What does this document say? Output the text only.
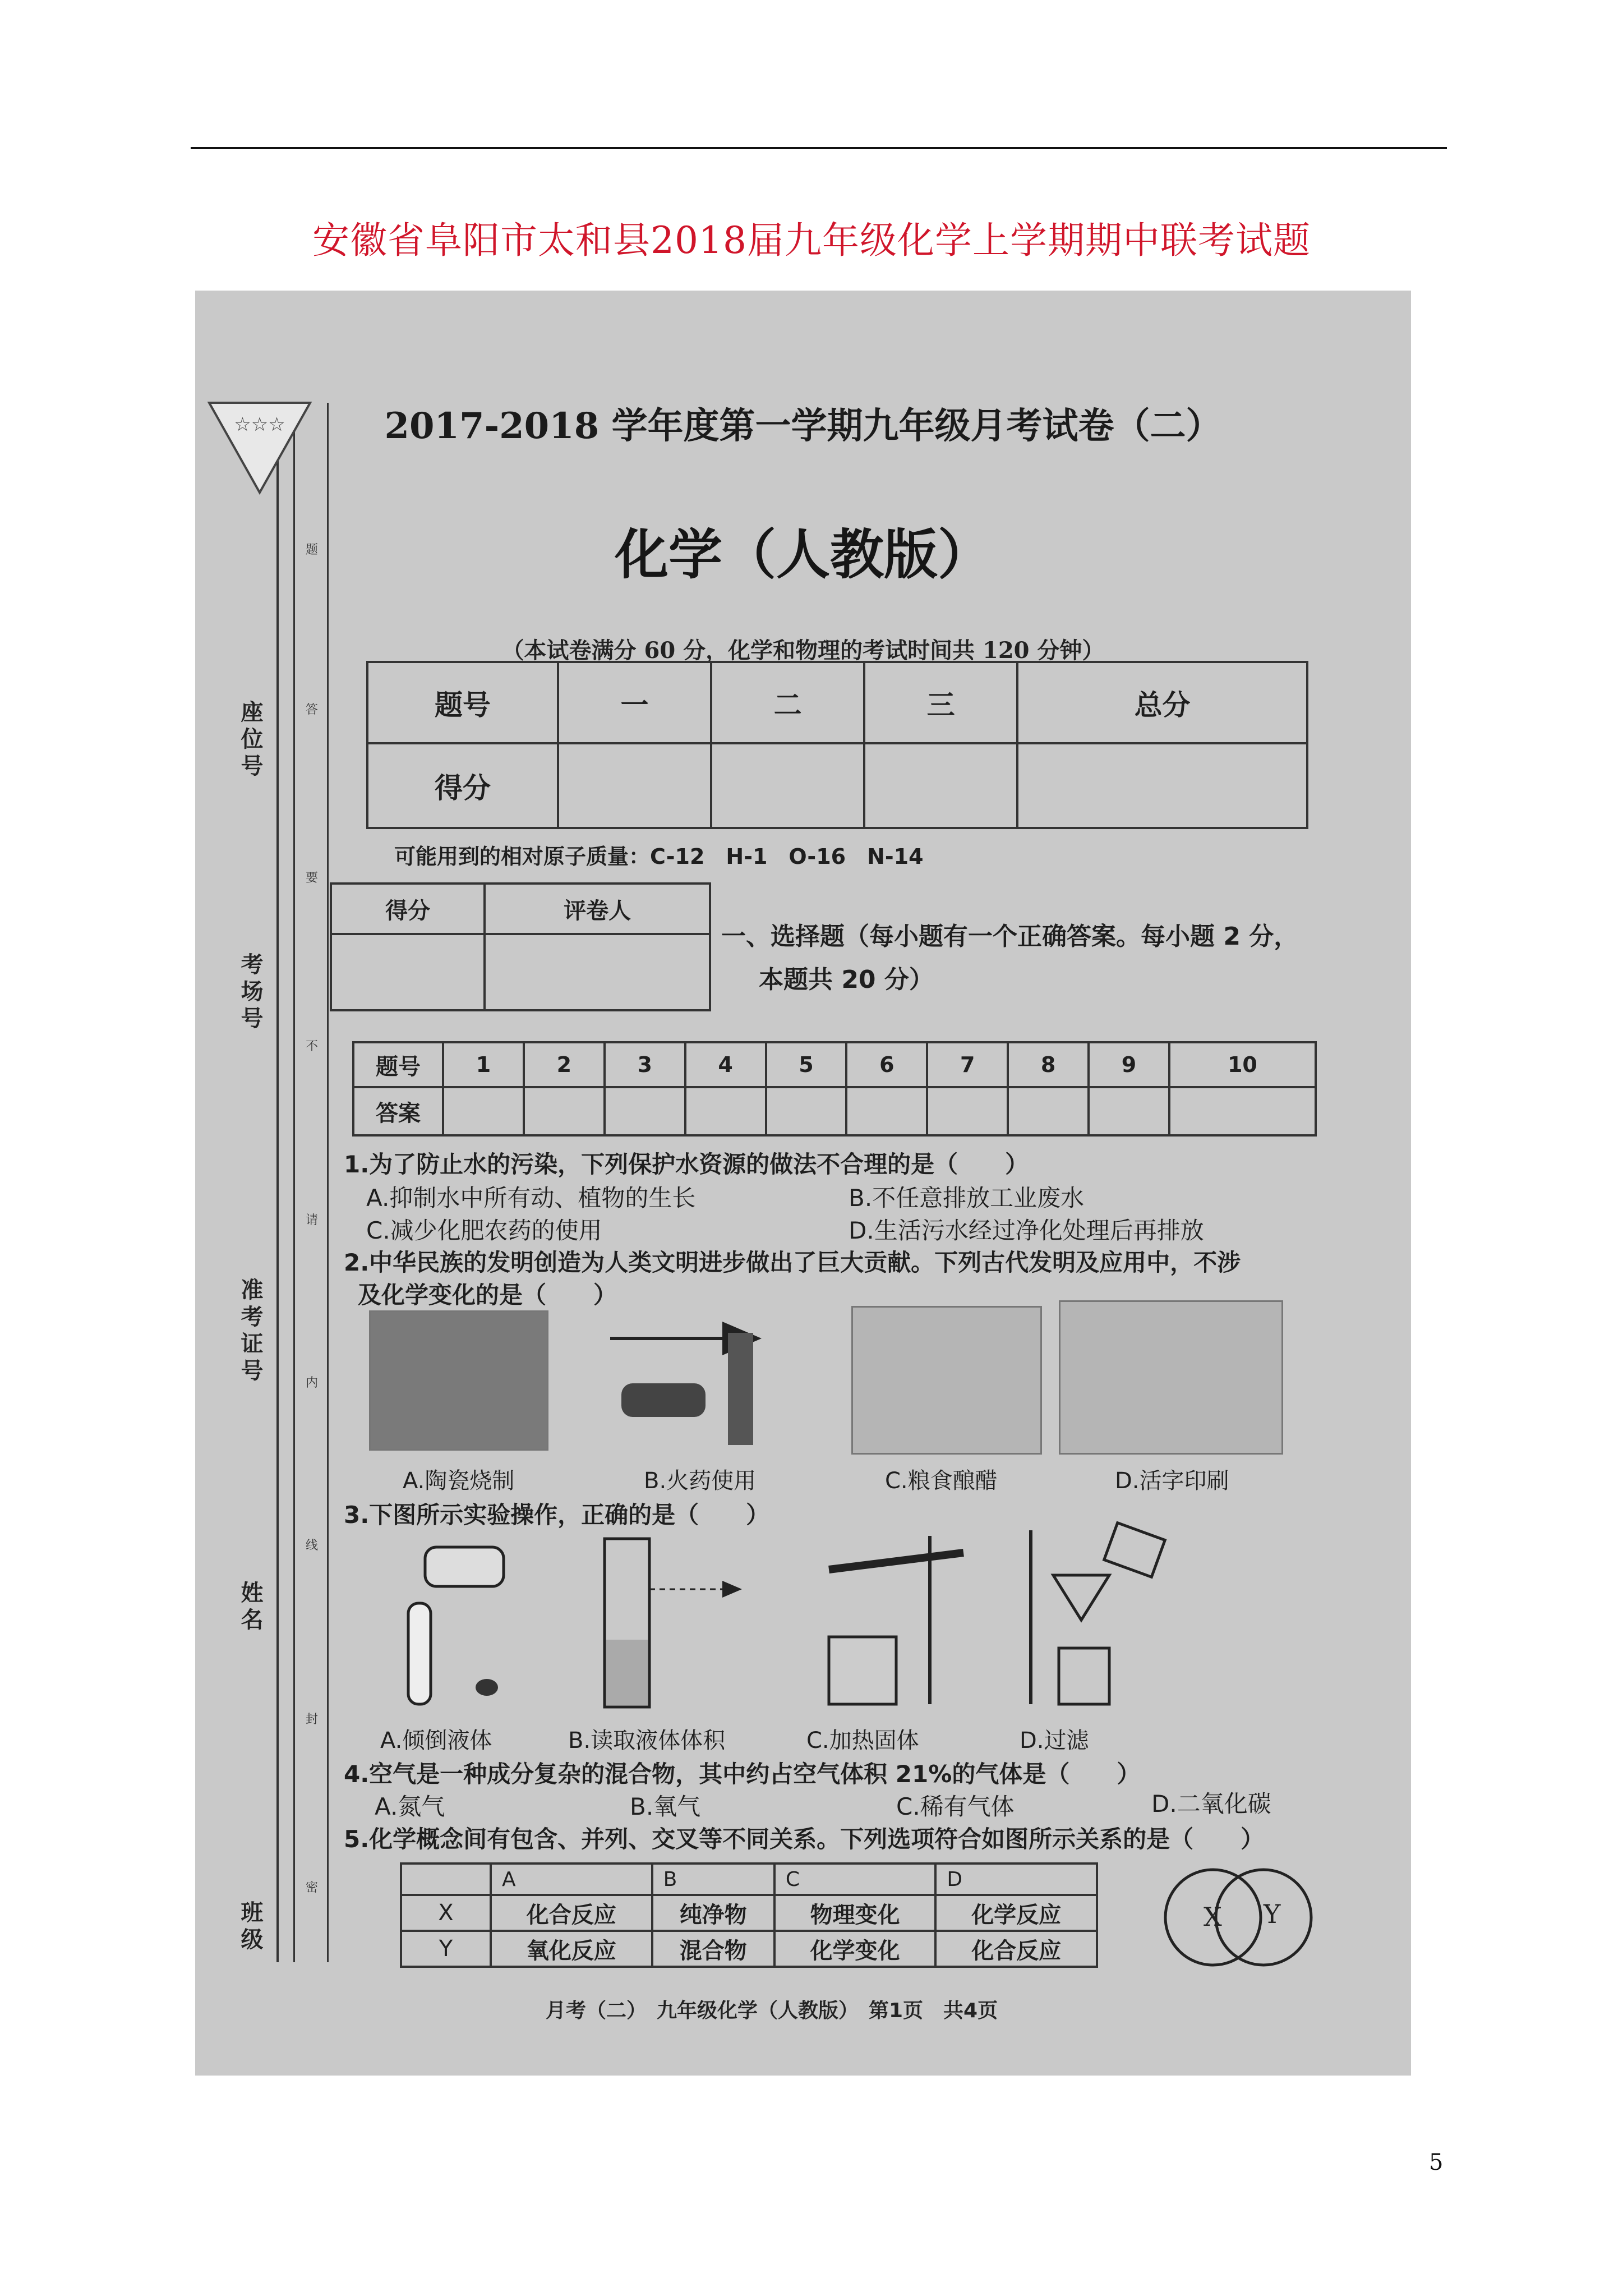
安徽省阜阳市太和县2018届九年级化学上学期期中联考试题
☆☆☆
座位号
考场号
准考证号
姓名
班级
题
答
要
不
请
内
线
封
密
2017-2018 学年度第一学期九年级月考试卷（二）
化学（人教版）
（本试卷满分 60 分，化学和物理的考试时间共 120 分钟）
题号	一	二	三	总分
得分				
可能用到的相对原子质量：C-12　H-1　O-16　N-14
得分	评卷人

一、选择题（每小题有一个正确答案。每小题 2 分，
本题共 20 分）
题号	1	2	3	4	5	6	7	8	9	10
答案										
1.为了防止水的污染，下列保护水资源的做法不合理的是（　　）
A.抑制水中所有动、植物的生长	B.不任意排放工业废水
C.减少化肥农药的使用	D.生活污水经过净化处理后再排放
2.中华民族的发明创造为人类文明进步做出了巨大贡献。下列古代发明及应用中，不涉
及化学变化的是（　　）
A.陶瓷烧制	B.火药使用	C.粮食酿醋	D.活字印刷
3.下图所示实验操作，正确的是（　　）
A.倾倒液体	B.读取液体体积	C.加热固体	D.过滤
4.空气是一种成分复杂的混合物，其中约占空气体积 21%的气体是（　　）
A.氮气	B.氧气	C.稀有气体	D.二氧化碳
5.化学概念间有包含、并列、交叉等不同关系。下列选项符合如图所示关系的是（　　）
	A	B	C	D
X	化合反应	纯净物	物理变化	化学反应
Y	氧化反应	混合物	化学变化	化合反应
X Y
月考（二）　九年级化学（人教版）　第1页　共4页
5
